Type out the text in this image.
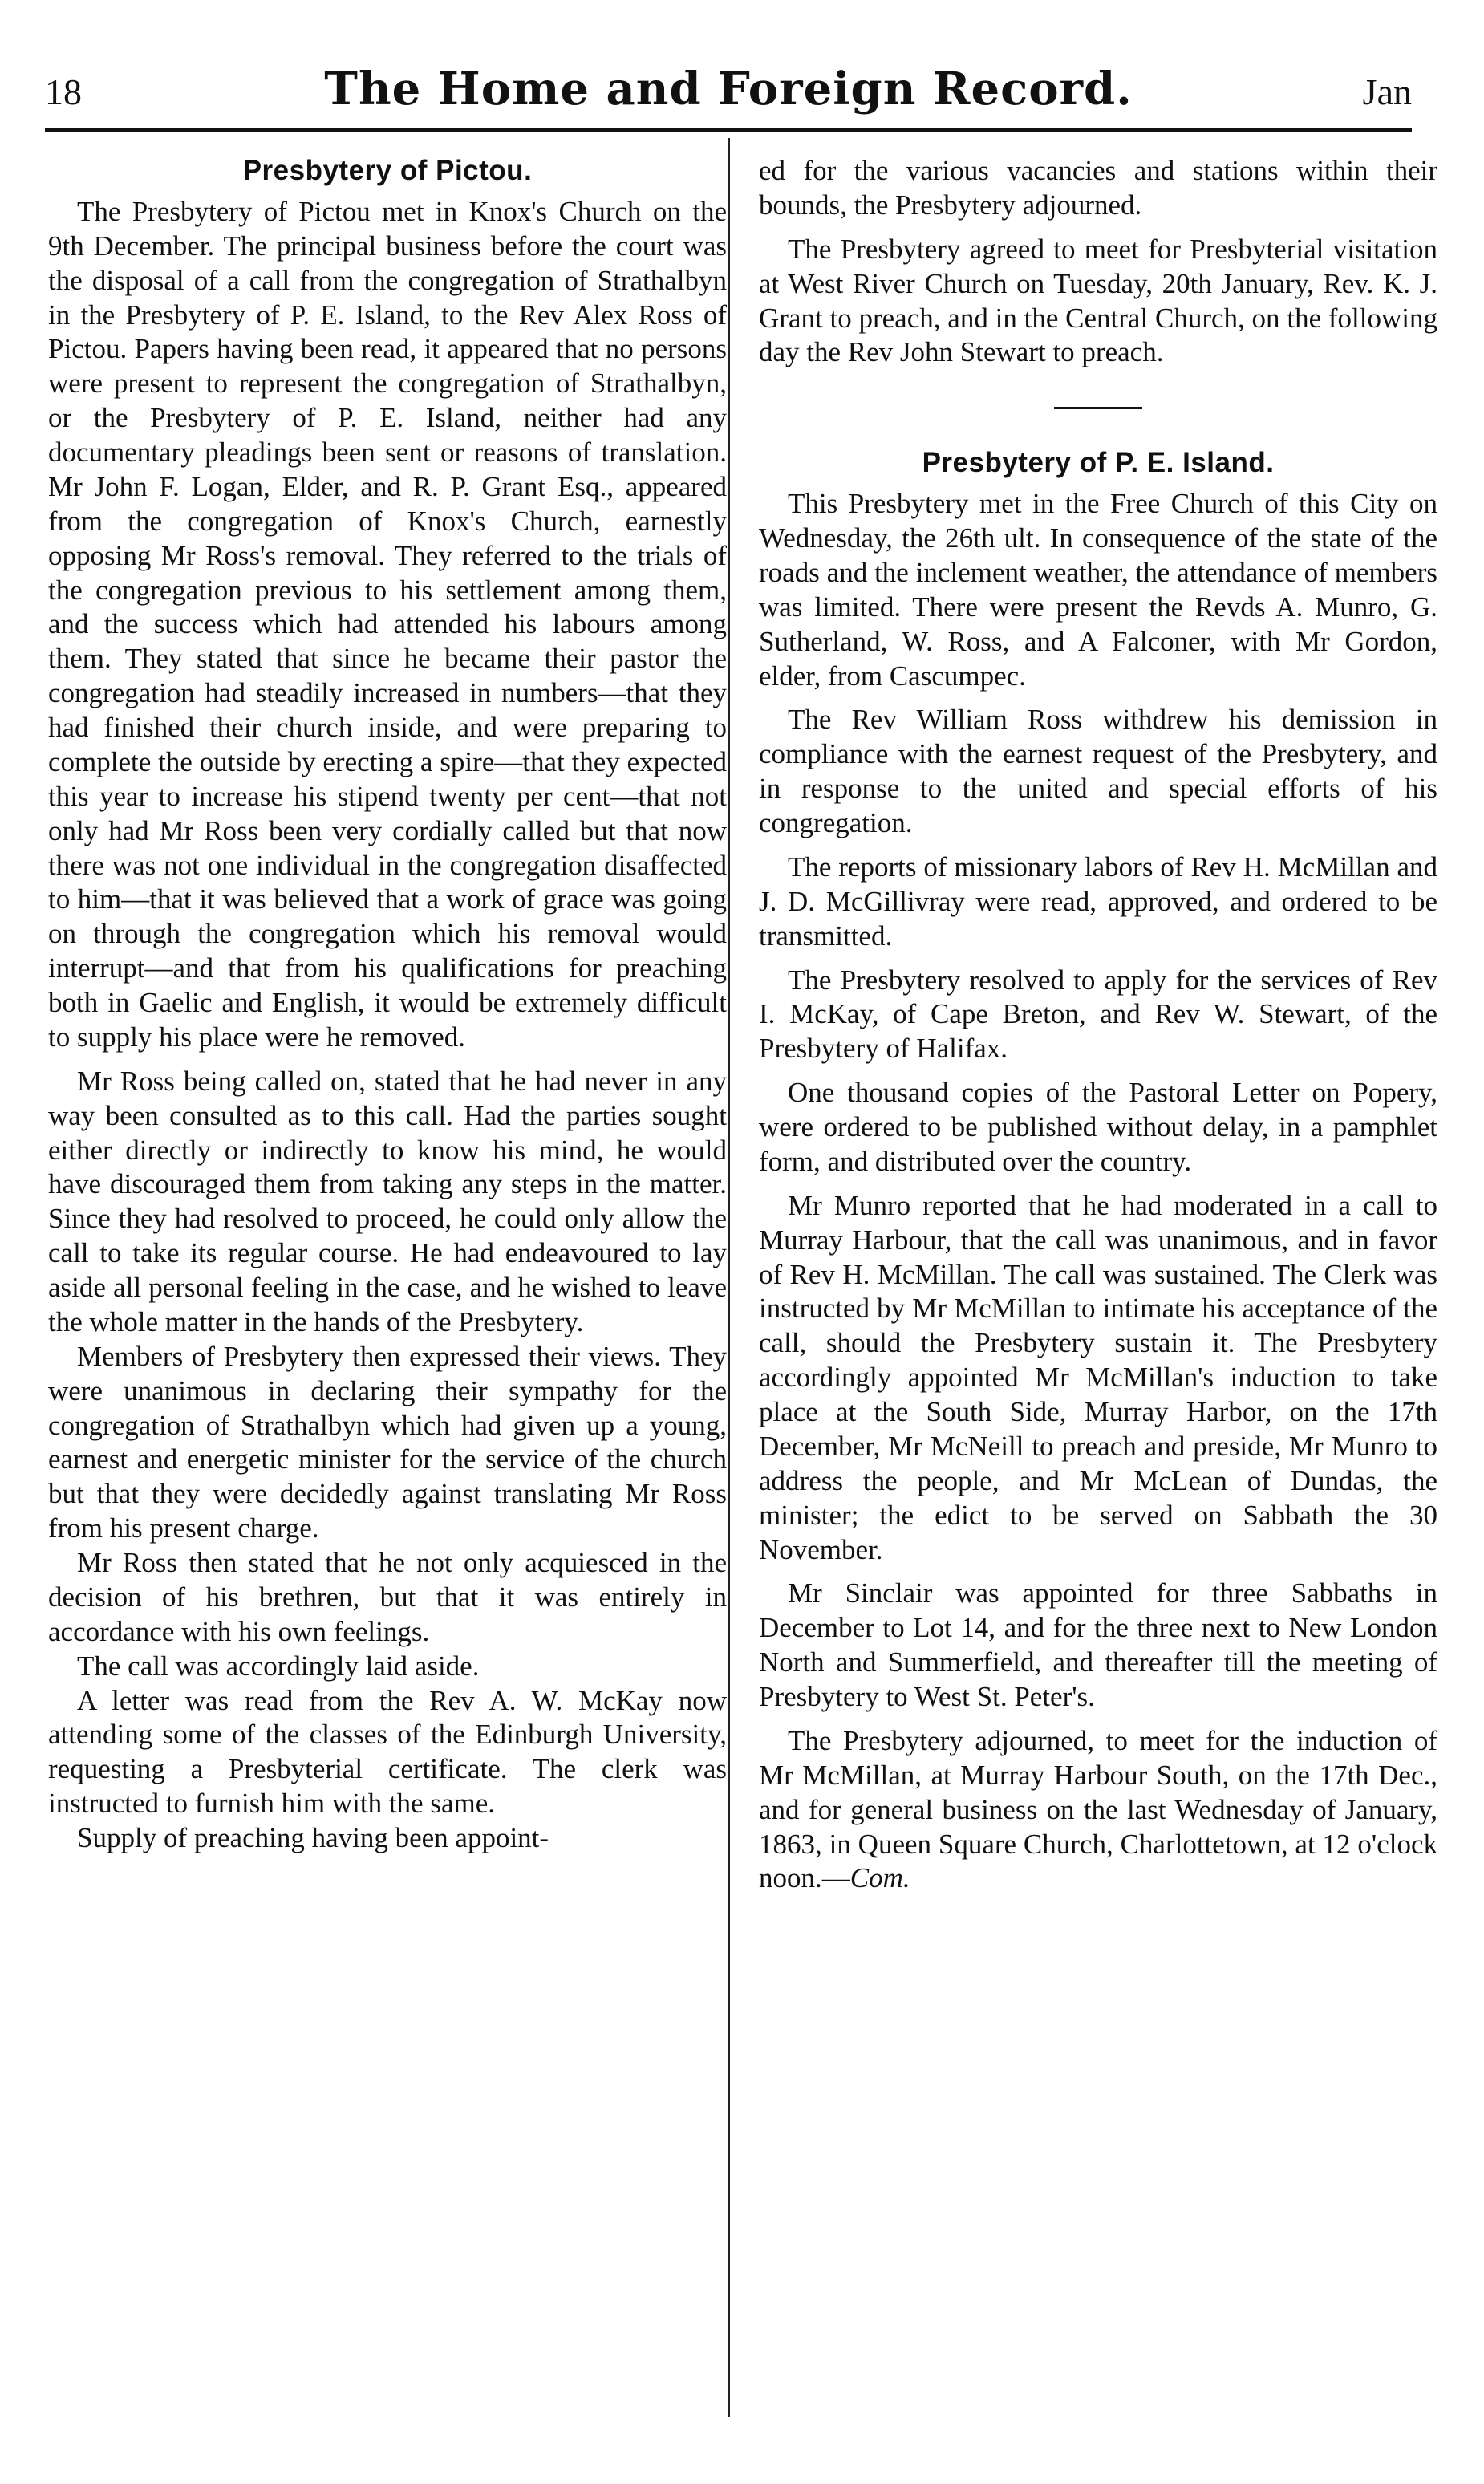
18	The Home and Foreign Record.	Jan
Presbytery of Pictou.

The Presbytery of Pictou met in Knox's Church on the 9th December. The principal business before the court was the disposal of a call from the congregation of Strathalbyn in the Presbytery of P. E. Island, to the Rev Alex Ross of Pictou. Papers having been read, it appeared that no persons were present to represent the congregation of Strathalbyn, or the Presbytery of P. E. Island, neither had any documentary pleadings been sent or reasons of translation. Mr John F. Logan, Elder, and R. P. Grant Esq., appeared from the congregation of Knox's Church, earnestly opposing Mr Ross's removal. They referred to the trials of the congregation previous to his settlement among them, and the success which had attended his labours among them. They stated that since he became their pastor the congregation had steadily increased in numbers—that they had finished their church inside, and were preparing to complete the outside by erecting a spire—that they expected this year to increase his stipend twenty per cent—that not only had Mr Ross been very cordially called but that now there was not one individual in the congregation disaffected to him—that it was believed that a work of grace was going on through the congregation which his removal would interrupt—and that from his qualifications for preaching both in Gaelic and English, it would be extremely difficult to supply his place were he removed.

Mr Ross being called on, stated that he had never in any way been consulted as to this call. Had the parties sought either directly or indirectly to know his mind, he would have discouraged them from taking any steps in the matter. Since they had resolved to proceed, he could only allow the call to take its regular course. He had endeavoured to lay aside all personal feeling in the case, and he wished to leave the whole matter in the hands of the Presbytery.

Members of Presbytery then expressed their views. They were unanimous in declaring their sympathy for the congregation of Strathalbyn which had given up a young, earnest and energetic minister for the service of the church but that they were decidedly against translating Mr Ross from his present charge.

Mr Ross then stated that he not only acquiesced in the decision of his brethren, but that it was entirely in accordance with his own feelings.

The call was accordingly laid aside.

A letter was read from the Rev A. W. McKay now attending some of the classes of the Edinburgh University, requesting a Presbyterial certificate. The clerk was instructed to furnish him with the same.

Supply of preaching having been appoint-

ed for the various vacancies and stations within their bounds, the Presbytery adjourned.

The Presbytery agreed to meet for Presbyterial visitation at West River Church on Tuesday, 20th January, Rev. K. J. Grant to preach, and in the Central Church, on the following day the Rev John Stewart to preach.

Presbytery of P. E. Island.

This Presbytery met in the Free Church of this City on Wednesday, the 26th ult. In consequence of the state of the roads and the inclement weather, the attendance of members was limited. There were present the Revds A. Munro, G. Sutherland, W. Ross, and A Falconer, with Mr Gordon, elder, from Cascumpec.

The Rev William Ross withdrew his demission in compliance with the earnest request of the Presbytery, and in response to the united and special efforts of his congregation.

The reports of missionary labors of Rev H. McMillan and J. D. McGillivray were read, approved, and ordered to be transmitted.

The Presbytery resolved to apply for the services of Rev I. McKay, of Cape Breton, and Rev W. Stewart, of the Presbytery of Halifax.

One thousand copies of the Pastoral Letter on Popery, were ordered to be published without delay, in a pamphlet form, and distributed over the country.

Mr Munro reported that he had moderated in a call to Murray Harbour, that the call was unanimous, and in favor of Rev H. McMillan. The call was sustained. The Clerk was instructed by Mr McMillan to intimate his acceptance of the call, should the Presbytery sustain it. The Presbytery accordingly appointed Mr McMillan's induction to take place at the South Side, Murray Harbor, on the 17th December, Mr McNeill to preach and preside, Mr Munro to address the people, and Mr McLean of Dundas, the minister; the edict to be served on Sabbath the 30 November.

Mr Sinclair was appointed for three Sabbaths in December to Lot 14, and for the three next to New London North and Summerfield, and thereafter till the meeting of Presbytery to West St. Peter's.

The Presbytery adjourned, to meet for the induction of Mr McMillan, at Murray Harbour South, on the 17th Dec., and for general business on the last Wednesday of January, 1863, in Queen Square Church, Charlottetown, at 12 o'clock noon.—Com.
